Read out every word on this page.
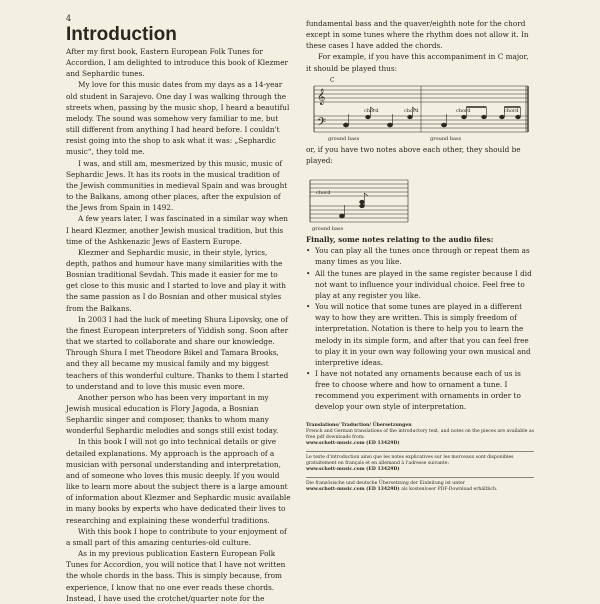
4
Introduction

After my first book, Eastern European Folk Tunes for Accordion, I am delighted to introduce this book of Klezmer and Sephardic tunes.

My love for this music dates from my days as a 14-year old student in Sarajevo. One day I was walking through the streets when, passing by the music shop, I heard a beautiful melody. The sound was somehow very familiar to me, but still different from anything I had heard before. I couldn't resist going into the shop to ask what it was: „Sephardic music“, they told me.

I was, and still am, mesmerized by this music, music of Sephardic Jews. It has its roots in the musical tradition of the Jewish communities in medieval Spain and was brought to the Balkans, among other places, after the expulsion of the Jews from Spain in 1492.

A few years later, I was fascinated in a similar way when I heard Klezmer, another Jewish musical tradition, but this time of the Ashkenazic Jews of Eastern Europe.

Klezmer and Sephardic music, in their style, lyrics, depth, pathos and humour have many similarities with the Bosnian traditional Sevdah. This made it easier for me to get close to this music and I started to love and play it with the same passion as I do Bosnian and other musical styles from the Balkans.

In 2003 I had the luck of meeting Shura Lipovsky, one of the finest European interpreters of Yiddish song. Soon after that we started to collaborate and share our knowledge. Through Shura I met Theodore Bikel and Tamara Brooks, and they all became my musical family and my biggest teachers of this wonderful culture. Thanks to them I started to understand and to love this music even more.

Another person who has been very important in my Jewish musical education is Flory Jagoda, a Bosnian Sephardic singer and composer, thanks to whom many wonderful Sephardic melodies and songs still exist today.

In this book I will not go into technical details or give detailed explanations. My approach is the approach of a musician with personal understanding and interpretation, and of someone who loves this music deeply. If you would like to learn more about the subject there is a large amount of information about Klezmer and Sephardic music available in many books by experts who have dedicated their lives to researching and explaining these wonderful traditions.

With this book I hope to contribute to your enjoyment of a small part of this amazing centuries-old culture.

As in my previous publication Eastern European Folk Tunes for Accordion, you will notice that I have not written the whole chords in the bass. This is simply because, from experience, I know that no one ever reads these chords. Instead, I have used the crotchet/quarter note for the

fundamental bass and the quaver/eighth note for the chord except in some tunes where the rhythm does not allow it. In these cases I have added the chords.

For example, if you have this accompaniment in C major, it should be played thus:

𝄞
𝄢
C
chord	chord	chord	chord
ground bass	ground bass

or, if you have two notes above each other, they should be played:

chord
ground bass

Finally, some notes relating to the audio files:

• You can play all the tunes once through or repeat them as many times as you like.
• All the tunes are played in the same register because I did not want to influence your individual choice. Feel free to play at any register you like.
• You will notice that some tunes are played in a different way to how they are written. This is simply freedom of interpretation. Notation is there to help you to learn the melody in its simple form, and after that you can feel free to play it in your own way following your own musical and interpretive ideas.
• I have not notated any ornaments because each of us is free to choose where and how to ornament a tune. I recommend you experiment with ornaments in order to develop your own style of interpretation.
Translations/ Traduction/ Übersetzungen
French and German translations of the introductory text, and notes on the pieces are available as free pdf downloads from:
www.schott-music.com (ED 13429D)
Le texte d'introduction ainsi que les notes explicatives sur les morceaux sont disponibles gratuitement en français et en allemand à l'adresse suivante:
www.schott-music.com (ED 13429D)
Die französische und deutsche Übersetzung der Einleitung ist unter
www.schott-music.com (ED 13429D) als kostenloser PDF-Download erhältlich.
